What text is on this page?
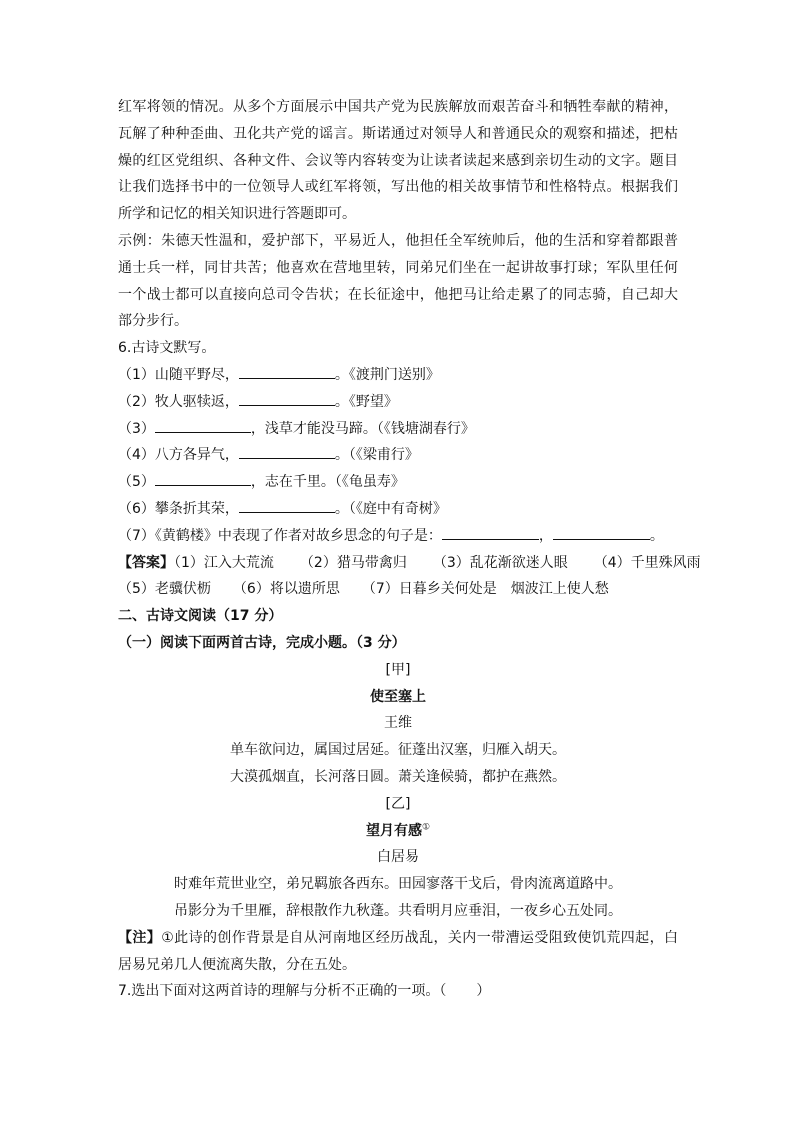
红军将领的情况。从多个方面展示中国共产党为民族解放而艰苦奋斗和牺牲奉献的精神，
瓦解了种种歪曲、丑化共产党的谣言。斯诺通过对领导人和普通民众的观察和描述，把枯
燥的红区党组织、各种文件、会议等内容转变为让读者读起来感到亲切生动的文字。题目
让我们选择书中的一位领导人或红军将领，写出他的相关故事情节和性格特点。根据我们
所学和记忆的相关知识进行答题即可。
示例：朱德天性温和，爱护部下，平易近人，他担任全军统帅后，他的生活和穿着都跟普
通士兵一样，同甘共苦；他喜欢在营地里转，同弟兄们坐在一起讲故事打球；军队里任何
一个战士都可以直接向总司令告状；在长征途中，他把马让给走累了的同志骑，自己却大
部分步行。
6.古诗文默写。
（1）山随平野尽，	。《渡荆门送别》
（2）牧人驱犊返，	。《野望》
（3）	，浅草才能没马蹄。（《钱塘湖春行》
（4）八方各异气，	。（《梁甫行》
（5）	，志在千里。（《龟虽寿》
（6）攀条折其荣，	。（《庭中有奇树》
（7）《黄鹤楼》中表现了作者对故乡思念的句子是：	，	。
【答案】（1）江入大荒流 （2）猎马带禽归 （3）乱花渐欲迷人眼 （4）千里殊风雨
（5）老骥伏枥 （6）将以遗所思 （7）日暮乡关何处是　烟波江上使人愁
二、古诗文阅读（17 分）
（一）阅读下面两首古诗，完成小题。（3 分）
[甲]
使至塞上
王维
单车欲问边，属国过居延。征蓬出汉塞，归雁入胡天。
大漠孤烟直，长河落日圆。萧关逢候骑，都护在燕然。
[乙]
望月有感①
白居易
时难年荒世业空，弟兄羁旅各西东。田园寥落干戈后，骨肉流离道路中。
吊影分为千里雁，辞根散作九秋蓬。共看明月应垂泪，一夜乡心五处同。
【注】①此诗的创作背景是自从河南地区经历战乱，关内一带漕运受阻致使饥荒四起，白
居易兄弟几人便流离失散，分在五处。
7.选出下面对这两首诗的理解与分析不正确的一项。（ ）
